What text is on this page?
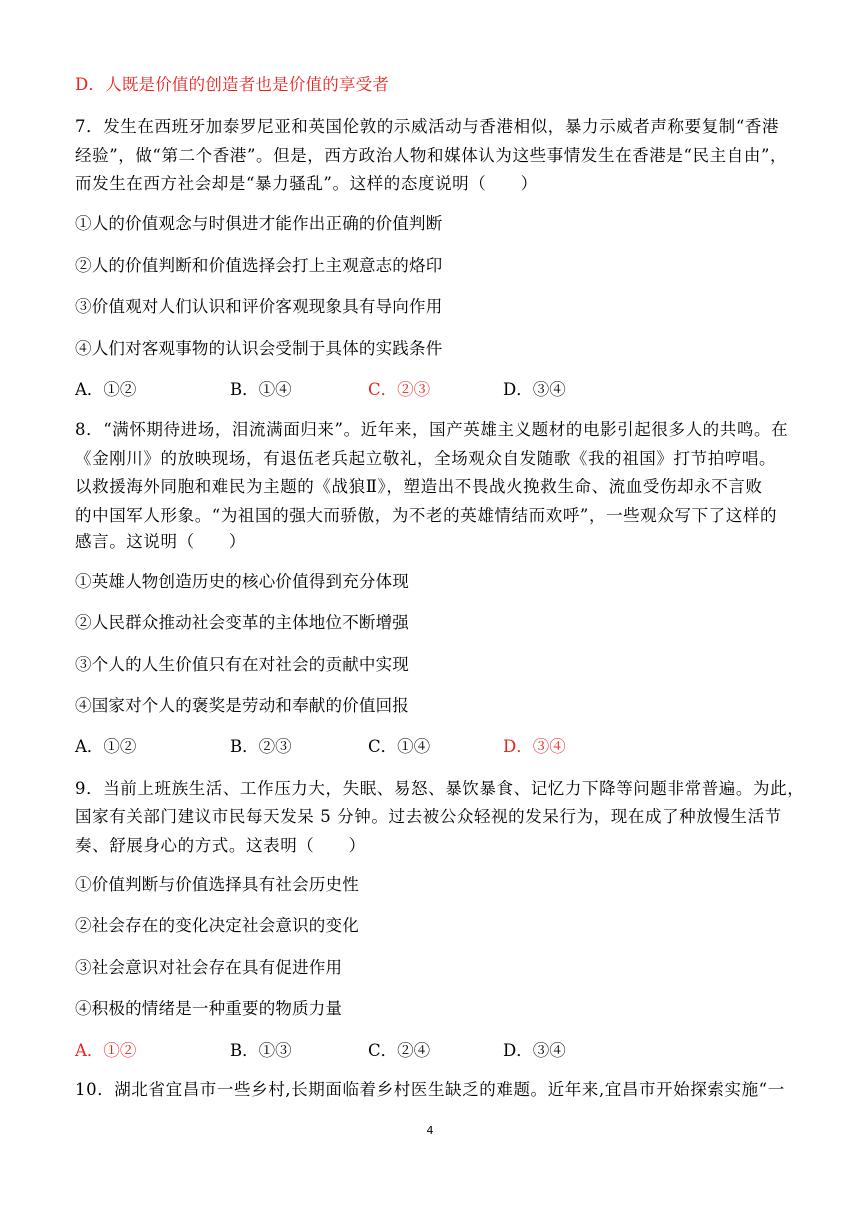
D．人既是价值的创造者也是价值的享受者
7．发生在西班牙加泰罗尼亚和英国伦敦的示威活动与香港相似，暴力示威者声称要复制“香港
经验”，做“第二个香港”。但是，西方政治人物和媒体认为这些事情发生在香港是“民主自由”，
而发生在西方社会却是“暴力骚乱”。这样的态度说明（　　）
①人的价值观念与时俱进才能作出正确的价值判断
②人的价值判断和价值选择会打上主观意志的烙印
③价值观对人们认识和评价客观现象具有导向作用
④人们对客观事物的认识会受制于具体的实践条件
A．①②	B．①④	C．②③	D．③④
8．“满怀期待进场，泪流满面归来”。近年来，国产英雄主义题材的电影引起很多人的共鸣。在
《金刚川》的放映现场，有退伍老兵起立敬礼，全场观众自发随歌《我的祖国》打节拍哼唱。
以救援海外同胞和难民为主题的《战狼Ⅱ》，塑造出不畏战火挽救生命、流血受伤却永不言败
的中国军人形象。“为祖国的强大而骄傲，为不老的英雄情结而欢呼”，一些观众写下了这样的
感言。这说明（　　）
①英雄人物创造历史的核心价值得到充分体现
②人民群众推动社会变革的主体地位不断增强
③个人的人生价值只有在对社会的贡献中实现
④国家对个人的褒奖是劳动和奉献的价值回报
A．①②	B．②③	C．①④	D．③④
9．当前上班族生活、工作压力大，失眠、易怒、暴饮暴食、记忆力下降等问题非常普遍。为此，
国家有关部门建议市民每天发呆 5 分钟。过去被公众轻视的发呆行为，现在成了种放慢生活节
奏、舒展身心的方式。这表明（　　）
①价值判断与价值选择具有社会历史性
②社会存在的变化决定社会意识的变化
③社会意识对社会存在具有促进作用
④积极的情绪是一种重要的物质力量
A．①②	B．①③	C．②④	D．③④
10．湖北省宜昌市一些乡村,长期面临着乡村医生缺乏的难题。近年来,宜昌市开始探索实施“一
4
